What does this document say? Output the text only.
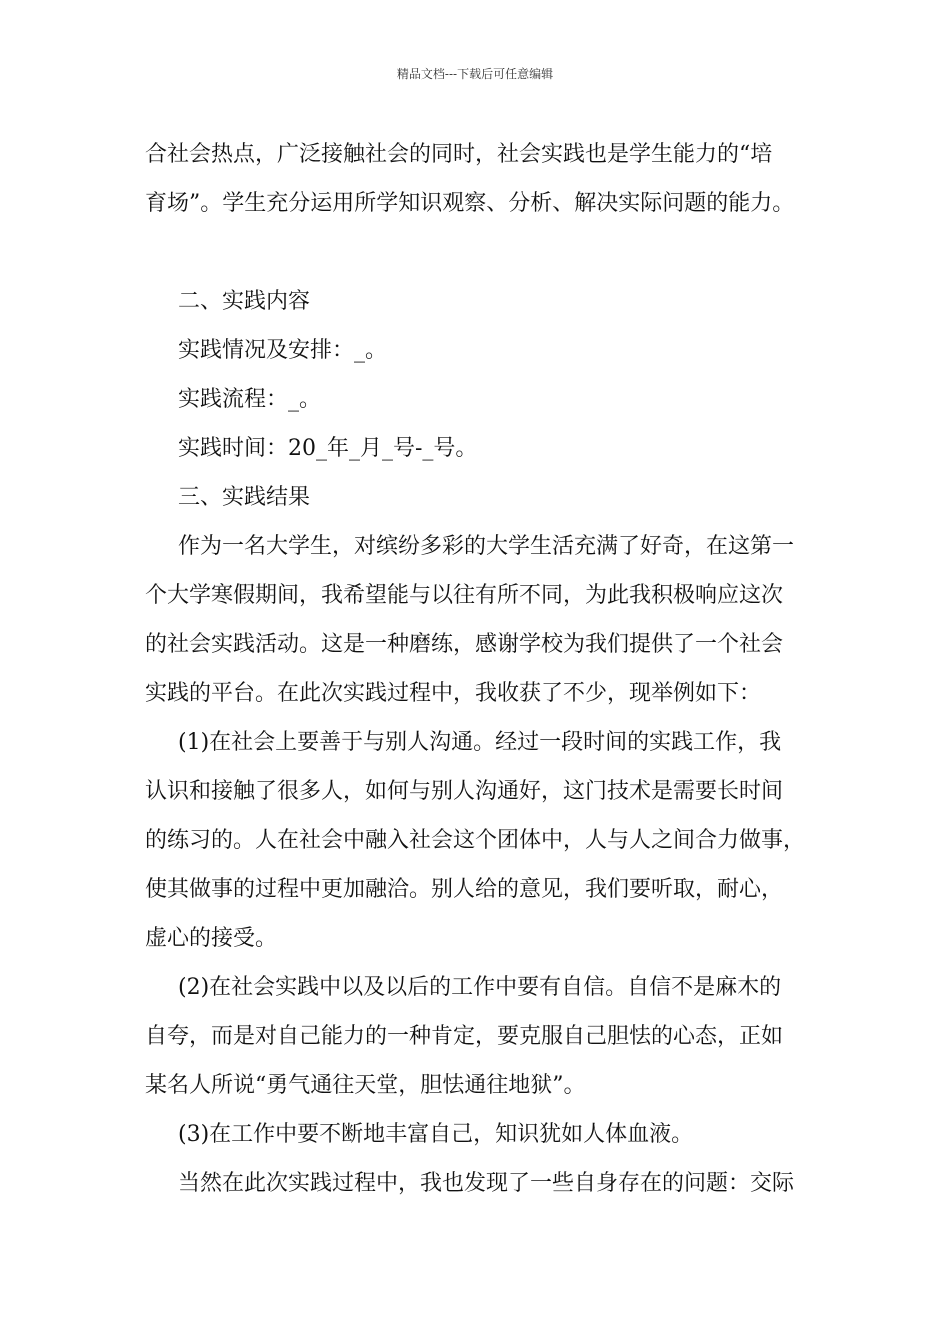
精品文档---下载后可任意编辑
合社会热点，广泛接触社会的同时，社会实践也是学生能力的“培
育场”。学生充分运用所学知识观察、分析、解决实际问题的能力。
二、实践内容
实践情况及安排：_。
实践流程：_。
实践时间：20_年_月_号-_号。
三、实践结果
作为一名大学生，对缤纷多彩的大学生活充满了好奇，在这第一
个大学寒假期间，我希望能与以往有所不同，为此我积极响应这次
的社会实践活动。这是一种磨练，感谢学校为我们提供了一个社会
实践的平台。在此次实践过程中，我收获了不少，现举例如下：
(1)在社会上要善于与别人沟通。经过一段时间的实践工作，我
认识和接触了很多人，如何与别人沟通好，这门技术是需要长时间
的练习的。人在社会中融入社会这个团体中，人与人之间合力做事，
使其做事的过程中更加融洽。别人给的意见，我们要听取，耐心，
虚心的接受。
(2)在社会实践中以及以后的工作中要有自信。自信不是麻木的
自夸，而是对自己能力的一种肯定，要克服自己胆怯的心态，正如
某名人所说“勇气通往天堂，胆怯通往地狱”。
(3)在工作中要不断地丰富自己，知识犹如人体血液。
当然在此次实践过程中，我也发现了一些自身存在的问题：交际
